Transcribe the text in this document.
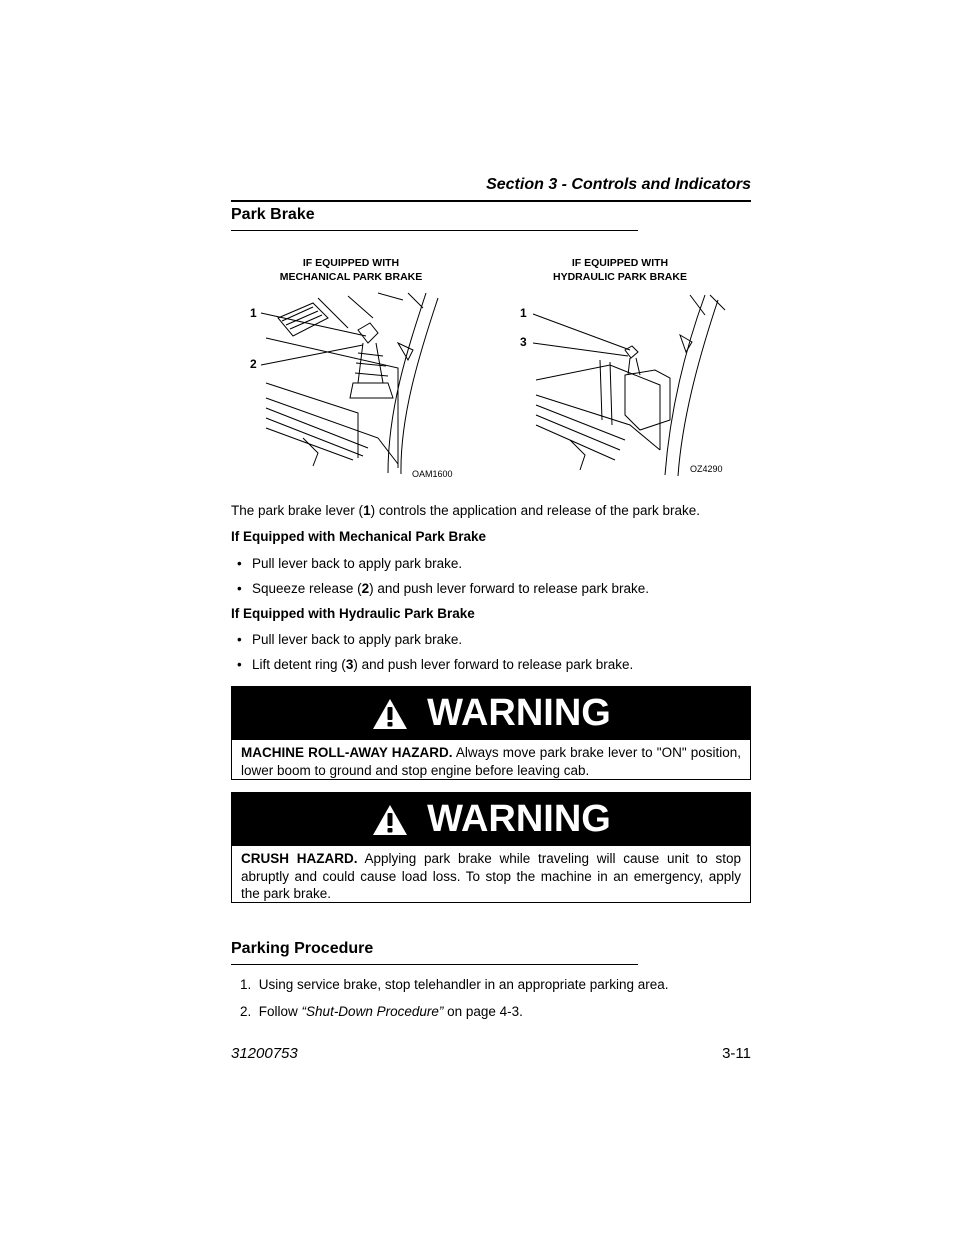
Section 3 - Controls and Indicators
Park Brake
IF EQUIPPED WITH
MECHANICAL PARK BRAKE
1
2
OAM1600
IF EQUIPPED WITH
HYDRAULIC PARK BRAKE
1
3
OZ4290
The park brake lever (1) controls the application and release of the park brake.
If Equipped with Mechanical Park Brake
• Pull lever back to apply park brake.
• Squeeze release (2) and push lever forward to release park brake.
If Equipped with Hydraulic Park Brake
• Pull lever back to apply park brake.
• Lift detent ring (3) and push lever forward to release park brake.
WARNING
MACHINE ROLL-AWAY HAZARD. Always move park brake lever to "ON" position, lower boom to ground and stop engine before leaving cab.
WARNING
CRUSH HAZARD. Applying park brake while traveling will cause unit to stop abruptly and could cause load loss. To stop the machine in an emergency, apply the park brake.
Parking Procedure
1. Using service brake, stop telehandler in an appropriate parking area.
2. Follow “Shut-Down Procedure” on page 4-3.
31200753	3-11
